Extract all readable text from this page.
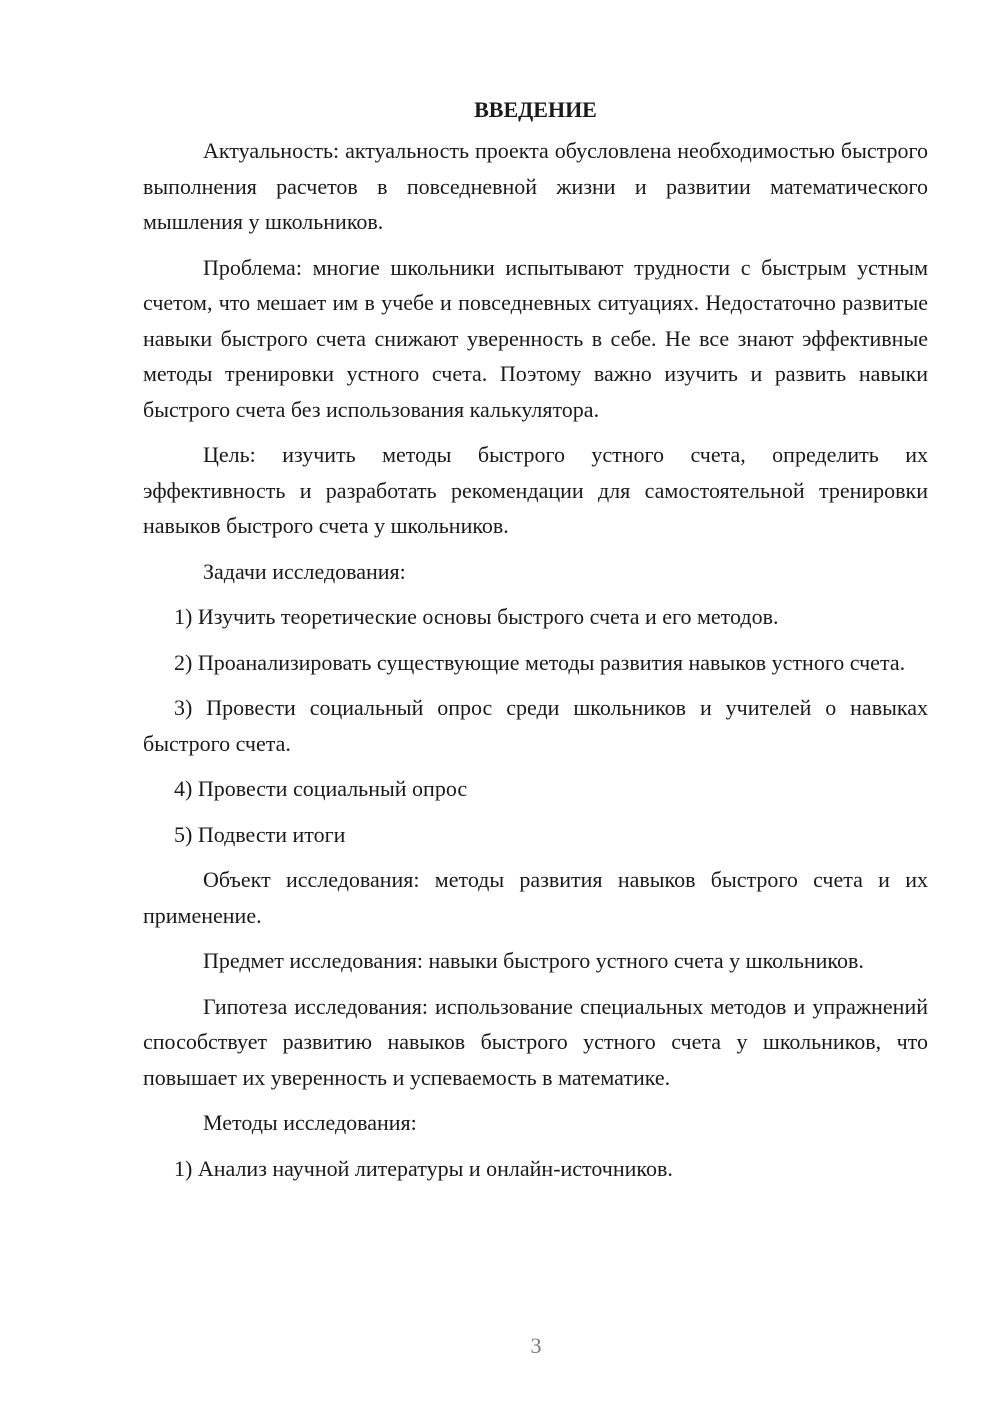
ВВЕДЕНИЕ

Актуальность: актуальность проекта обусловлена необходимостью быстрого выполнения расчетов в повседневной жизни и развитии математического мышления у школьников.

Проблема: многие школьники испытывают трудности с быстрым устным счетом, что мешает им в учебе и повседневных ситуациях. Недостаточно развитые навыки быстрого счета снижают уверенность в себе. Не все знают эффективные методы тренировки устного счета. Поэтому важно изучить и развить навыки быстрого счета без использования калькулятора.

Цель: изучить методы быстрого устного счета, определить их эффективность и разработать рекомендации для самостоятельной тренировки навыков быстрого счета у школьников.

Задачи исследования:

1) Изучить теоретические основы быстрого счета и его методов.

2) Проанализировать существующие методы развития навыков устного счета.

3) Провести социальный опрос среди школьников и учителей о навыках быстрого счета.

4) Провести социальный опрос

5) Подвести итоги

Объект исследования: методы развития навыков быстрого счета и их применение.

Предмет исследования: навыки быстрого устного счета у школьников.

Гипотеза исследования: использование специальных методов и упражнений способствует развитию навыков быстрого устного счета у школьников, что повышает их уверенность и успеваемость в математике.

Методы исследования:

1) Анализ научной литературы и онлайн-источников.

3
